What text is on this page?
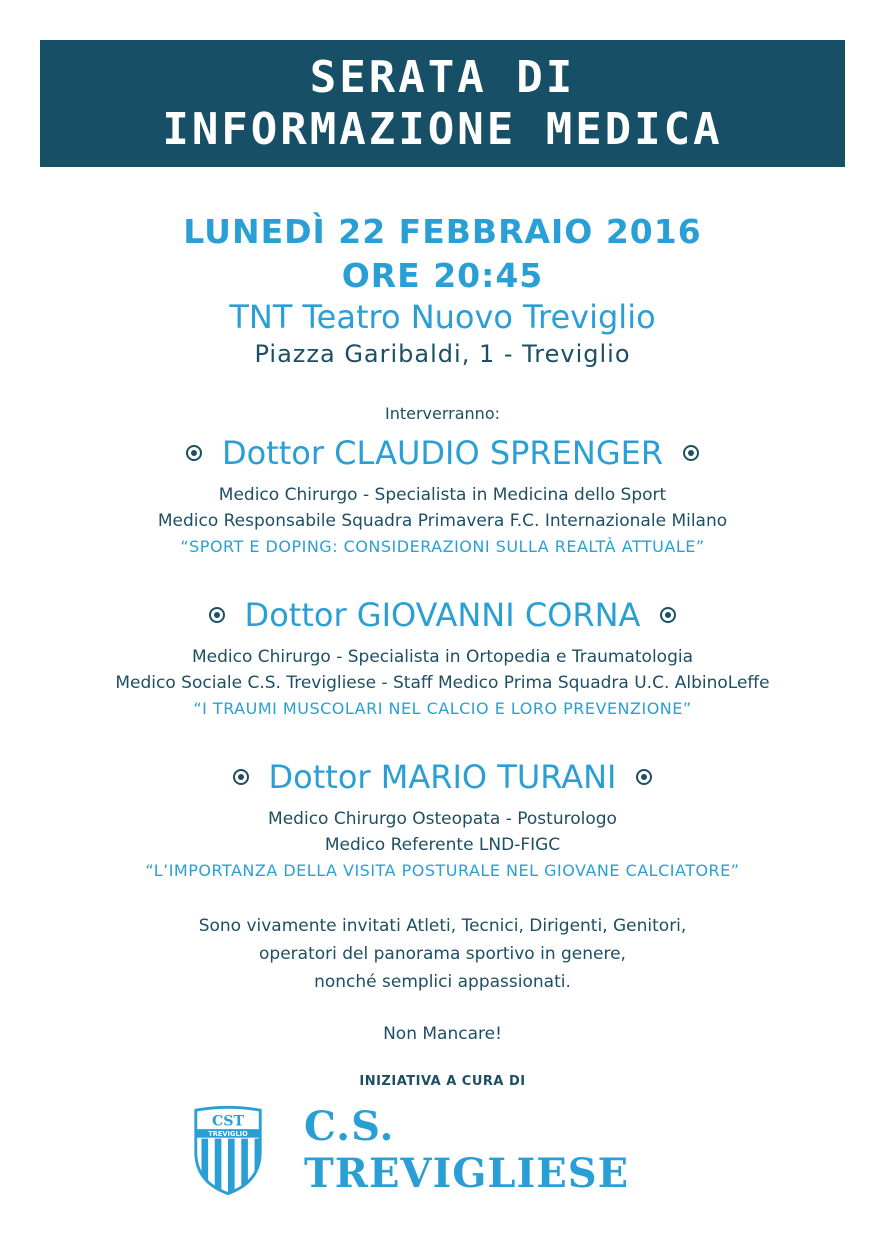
SERATA DI
INFORMAZIONE MEDICA
LUNEDÌ 22 FEBBRAIO 2016
ORE 20:45
TNT Teatro Nuovo Treviglio
Piazza Garibaldi, 1 - Treviglio
Interverranno:
Dottor CLAUDIO SPRENGER
Medico Chirurgo - Specialista in Medicina dello Sport
Medico Responsabile Squadra Primavera F.C. Internazionale Milano
“SPORT E DOPING: CONSIDERAZIONI SULLA REALTÀ ATTUALE”
Dottor GIOVANNI CORNA
Medico Chirurgo - Specialista in Ortopedia e Traumatologia
Medico Sociale C.S. Trevigliese - Staff Medico Prima Squadra U.C. AlbinoLeffe
“I TRAUMI MUSCOLARI NEL CALCIO E LORO PREVENZIONE”
Dottor MARIO TURANI
Medico Chirurgo Osteopata - Posturologo
Medico Referente LND-FIGC
“L’IMPORTANZA DELLA VISITA POSTURALE NEL GIOVANE CALCIATORE”
Sono vivamente invitati Atleti, Tecnici, Dirigenti, Genitori,
operatori del panorama sportivo in genere,
nonché semplici appassionati.
Non Mancare!
INIZIATIVA A CURA DI
CST
TREVIGLIO C.S. TREVIGLIESE
